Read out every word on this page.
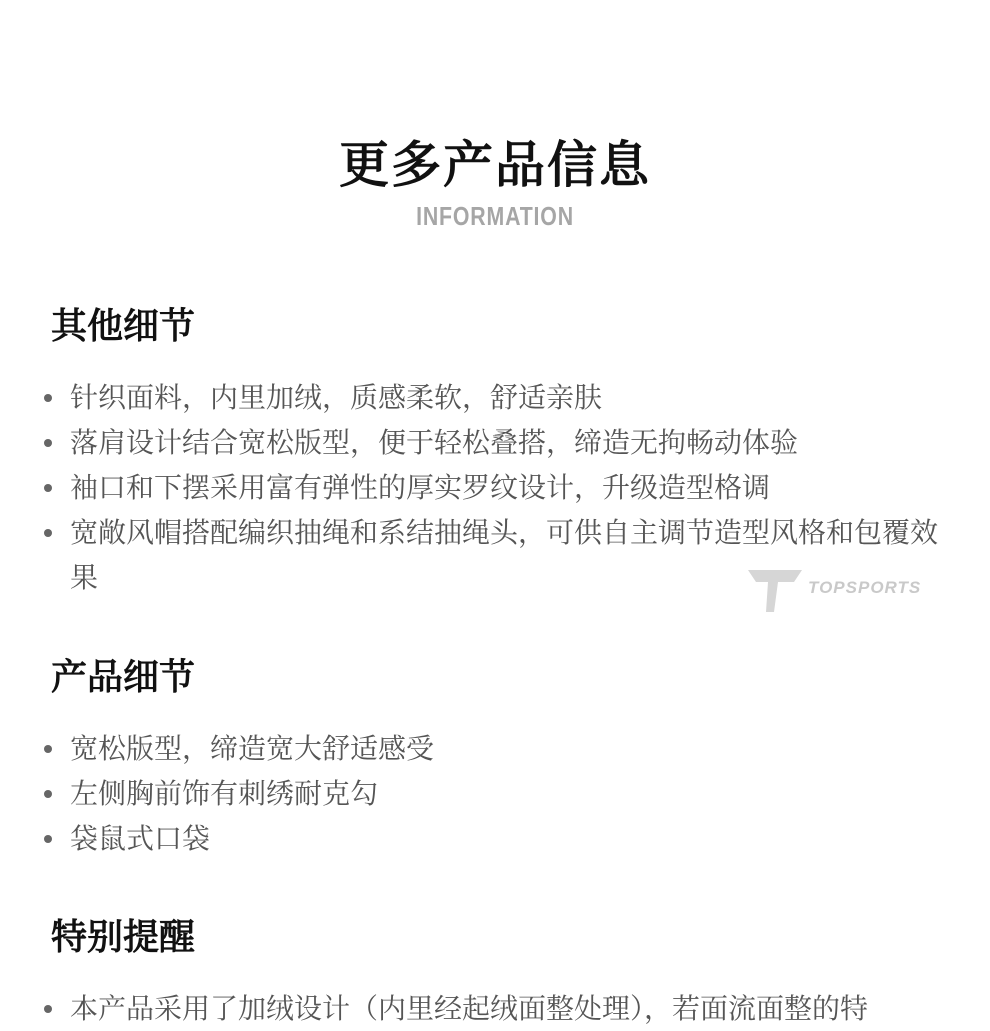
更多产品信息
INFORMATION
其他细节
针织面料，内里加绒，质感柔软，舒适亲肤
落肩设计结合宽松版型，便于轻松叠搭，缔造无拘畅动体验
袖口和下摆采用富有弹性的厚实罗纹设计，升级造型格调
宽敞风帽搭配编织抽绳和系结抽绳头，可供自主调节造型风格和包覆效果	TOPSPORTS
产品细节
宽松版型，缔造宽大舒适感受
左侧胸前饰有刺绣耐克勾
袋鼠式口袋
特别提醒
本产品采用了加绒设计（内里经起绒面整处理），若面流面整的特
